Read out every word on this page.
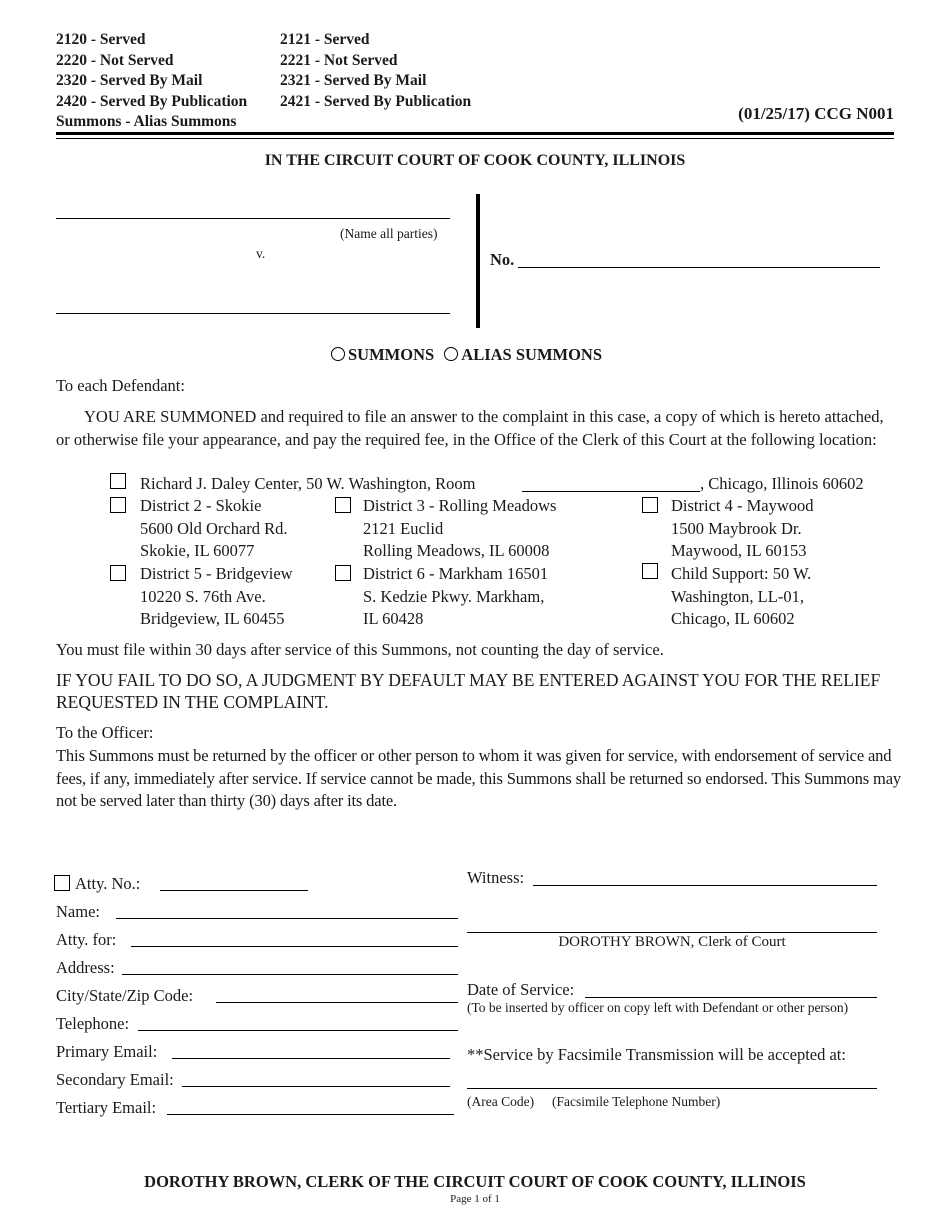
2120 - Served
2220 - Not Served
2320 - Served By Mail
2420 - Served By Publication
Summons - Alias Summons
2121 - Served
2221 - Not Served
2321 - Served By Mail
2421 - Served By Publication
(01/25/17) CCG N001
IN THE CIRCUIT COURT OF COOK COUNTY, ILLINOIS
(Name all parties)
v.	No.
SUMMONS ALIAS SUMMONS
To each Defendant:
YOU ARE SUMMONED and required to file an answer to the complaint in this case, a copy of which is hereto attached, or otherwise file your appearance, and pay the required fee, in the Office of the Clerk of this Court at the following location:
Richard J. Daley Center, 50 W. Washington, Room	, Chicago, Illinois 60602
District 2 - Skokie
5600 Old Orchard Rd.
Skokie, IL 60077
District 3 - Rolling Meadows
2121 Euclid
Rolling Meadows, IL 60008
District 4 - Maywood
1500 Maybrook Dr.
Maywood, IL 60153
District 5 - Bridgeview
10220 S. 76th Ave.
Bridgeview, IL 60455
District 6 - Markham 16501
S. Kedzie Pkwy. Markham,
IL 60428
Child Support: 50 W.
Washington, LL-01,
Chicago, IL 60602
You must file within 30 days after service of this Summons, not counting the day of service.
IF YOU FAIL TO DO SO, A JUDGMENT BY DEFAULT MAY BE ENTERED AGAINST YOU FOR THE RELIEF REQUESTED IN THE COMPLAINT.
To the Officer:
This Summons must be returned by the officer or other person to whom it was given for service, with endorsement of service and fees, if any, immediately after service. If service cannot be made, this Summons shall be returned so endorsed. This Summons may not be served later than thirty (30) days after its date.
Atty. No.:
Name:
Atty. for:
Address:
City/State/Zip Code:
Telephone:
Primary Email:
Secondary Email:
Tertiary Email:
Witness:
DOROTHY BROWN, Clerk of Court
Date of Service:
(To be inserted by officer on copy left with Defendant or other person)
**Service by Facsimile Transmission will be accepted at:
(Area Code) (Facsimile Telephone Number)
DOROTHY BROWN, CLERK OF THE CIRCUIT COURT OF COOK COUNTY, ILLINOIS
Page 1 of 1
